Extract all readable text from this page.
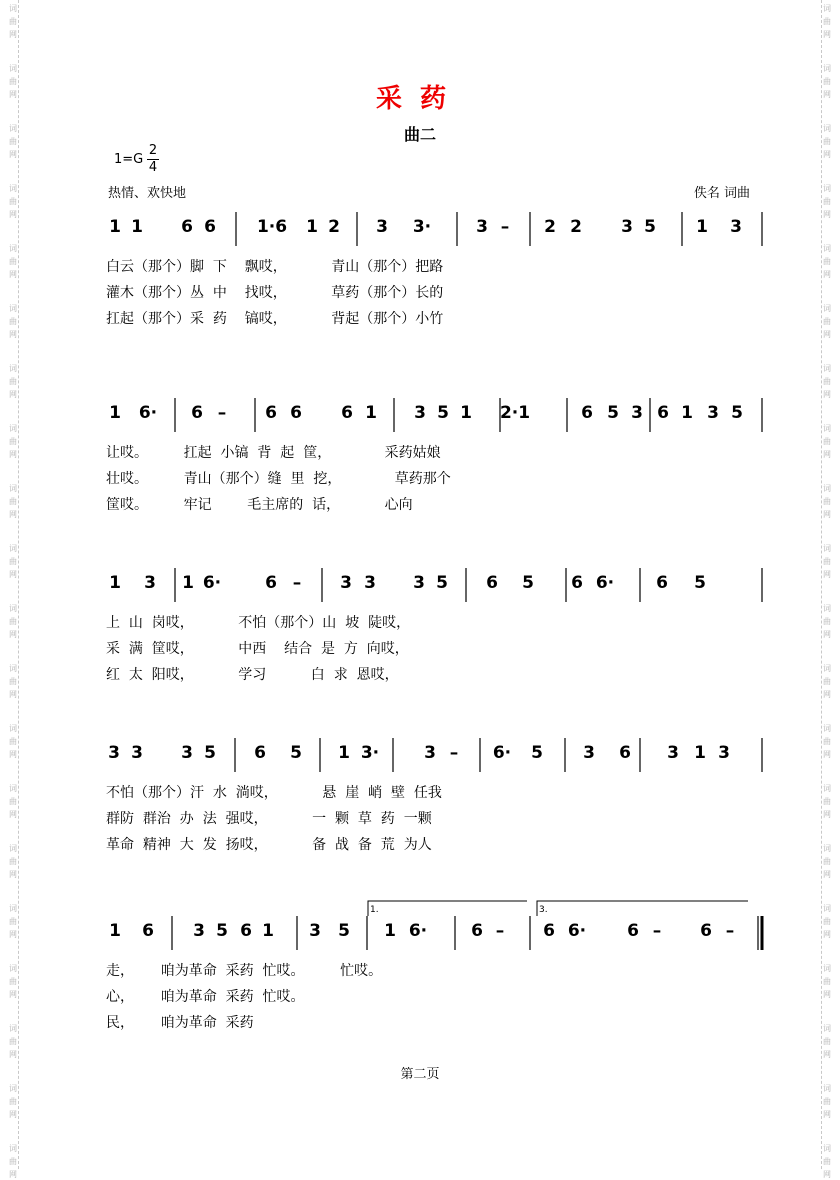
词
曲
网
词
曲
网
词
曲
网
词
曲
网
词
曲
网
词
曲
网
词
曲
网
词
曲
网
词
曲
网
词
曲
网
词
曲
网
词
曲
网
词
曲
网
词
曲
网
词
曲
网
词
曲
网
词
曲
网
词
曲
网
词
曲
网
词
曲
网
词
曲
网
词
曲
网
词
曲
网
词
曲
网
词
曲
网
词
曲
网
词
曲
网
词
曲
网
词
曲
网
词
曲
网
词
曲
网
词
曲
网
词
曲
网
词
曲
网
词
曲
网
词
曲
网
词
曲
网
词
曲
网
词
曲
网
词
曲
网
采药
曲二
1=G
2
4
热情、欢快地	佚名 词曲
1 1 6 6 1·6 1 2 3 3·	3 –	2 2 3 5 1 3
白云（那个）脚  下    飘哎，          青山（那个）把路
灌木（那个）丛  中    找哎，          草药（那个）长的
扛起（那个）采  药    镐哎，          背起（那个）小竹
1 6· 6 –	6 6 6 1 3 5 1 2·1	6 5 3 6 1 3 5
让哎。        扛起  小镐  背  起  筐，            采药姑娘
壮哎。        青山（那个）缝  里  挖，            草药那个
筐哎。        牢记        毛主席的  话，          心向
1 3 1 6·	6 –	3 3 3 5 6 5 6 6· 6 5
上  山  岗哎，          不怕（那个）山  坡  陡哎，
采  满  筐哎，          中西    结合  是  方  向哎，
红  太  阳哎，          学习          白  求  恩哎，
3 3 3 5 6 5 1 3·	3 –	6· 5 3 6 3 1 3
不怕（那个）汗  水  淌哎，          悬  崖  峭  壁  任我
群防  群治  办  法  强哎，          一  颗  草  药  一颗
革命  精神  大  发  扬哎，          备  战  备  荒  为人
1 6 3 5 6 1 3 5 1 6·	6 –	6 6· 6 –	6 –
走，      咱为革命  采药  忙哎。        忙哎。
心，      咱为革命  采药  忙哎。
民，      咱为革命  采药
1.	3.
第二页
